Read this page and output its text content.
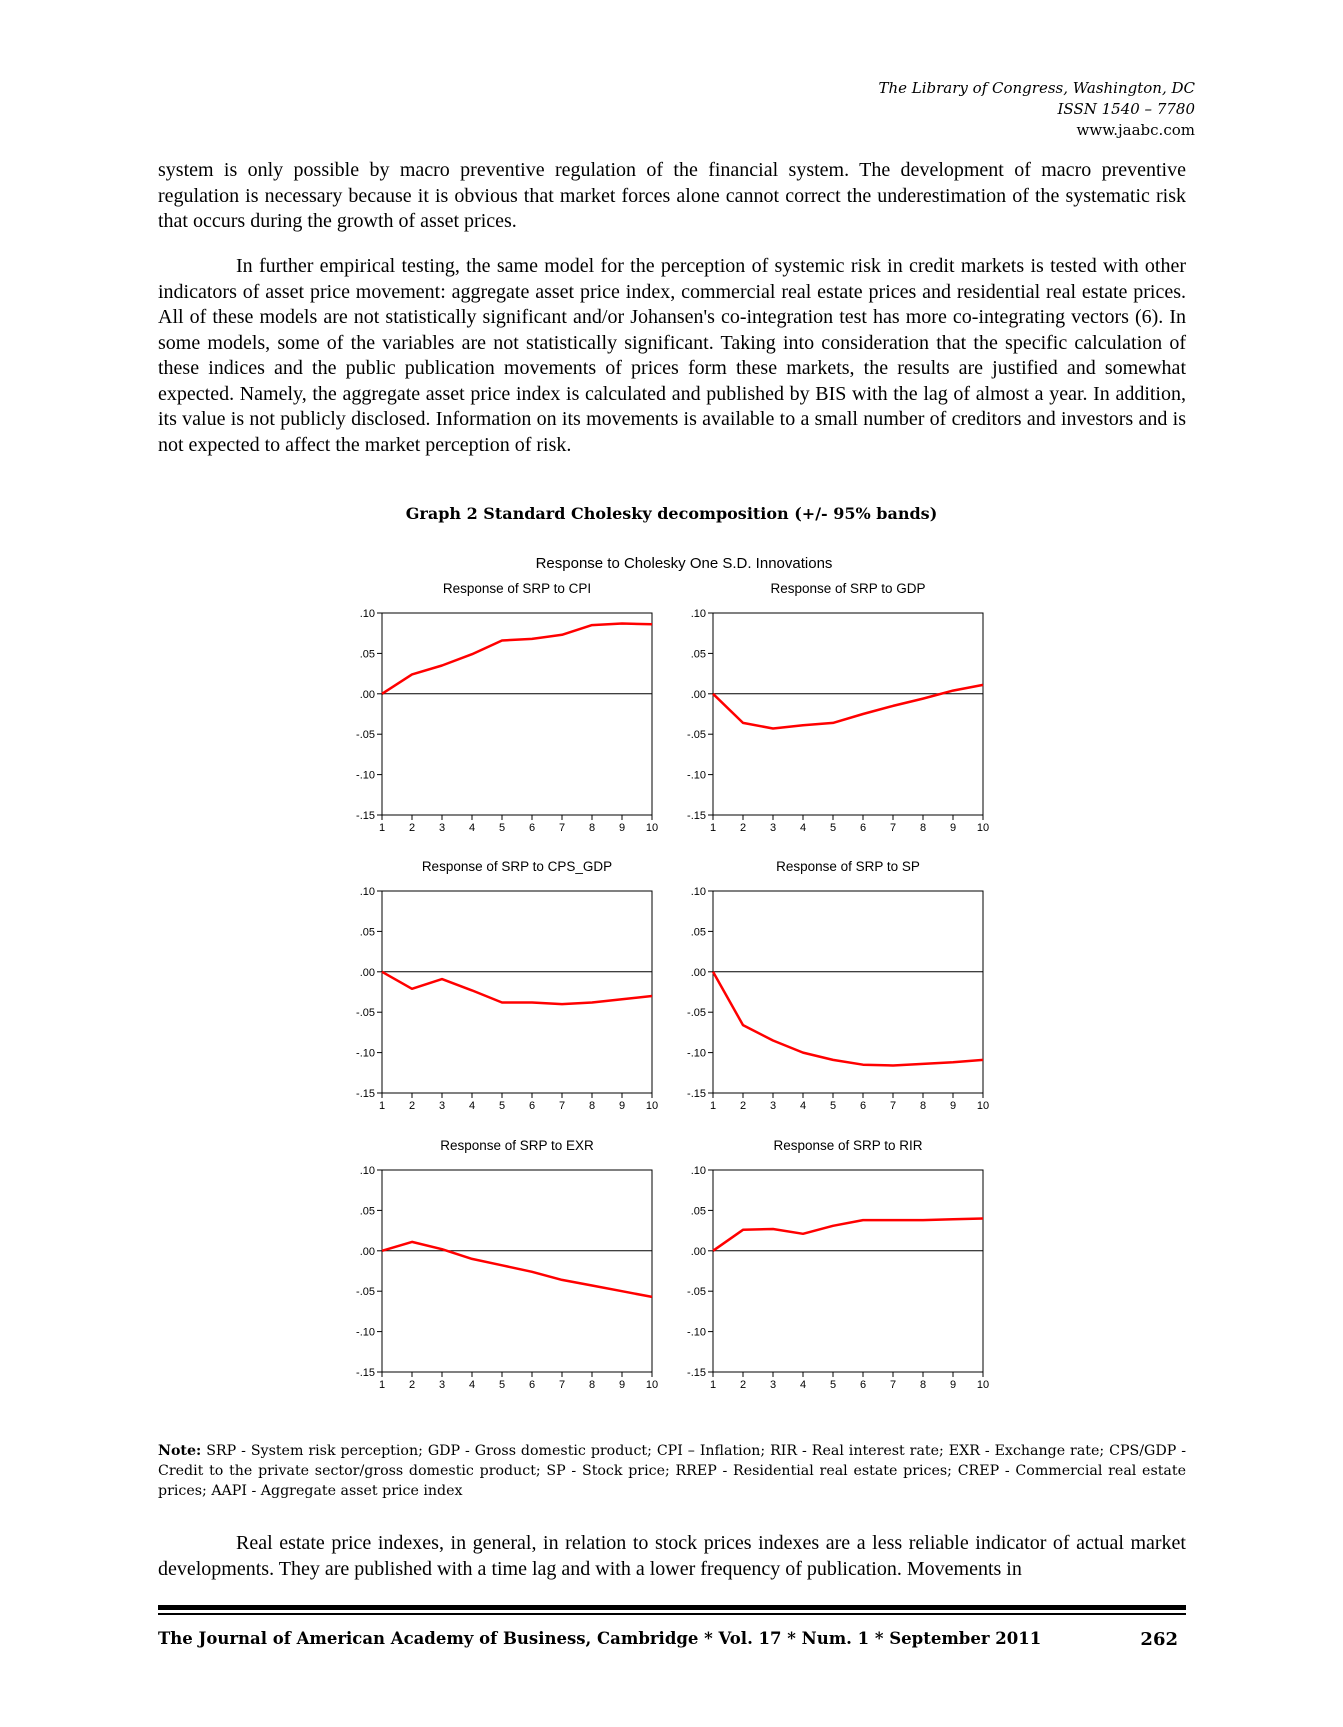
The Library of Congress, Washington, DC
ISSN 1540 – 7780
www.jaabc.com

system is only possible by macro preventive regulation of the financial system. The development of macro preventive regulation is necessary because it is obvious that market forces alone cannot correct the underestimation of the systematic risk that occurs during the growth of asset prices.

In further empirical testing, the same model for the perception of systemic risk in credit markets is tested with other indicators of asset price movement: aggregate asset price index, commercial real estate prices and residential real estate prices. All of these models are not statistically significant and/or Johansen's co-integration test has more co-integrating vectors (6). In some models, some of the variables are not statistically significant. Taking into consideration that the specific calculation of these indices and the public publication movements of prices form these markets, the results are justified and somewhat expected. Namely, the aggregate asset price index is calculated and published by BIS with the lag of almost a year. In addition, its value is not publicly disclosed. Information on its movements is available to a small number of creditors and investors and is not expected to affect the market perception of risk.

Graph 2 Standard Cholesky decomposition (+/- 95% bands)
Response to Cholesky One S.D. Innovations
Response of SRP to CPI
.10
.05
.00
-.05
-.10
-.15
1 2 3 4 5 6 7 8 9 10
Response of SRP to GDP
.10
.05
.00
-.05
-.10
-.15
1 2 3 4 5 6 7 8 9 10
Response of SRP to CPS_GDP
.10
.05
.00
-.05
-.10
-.15
1 2 3 4 5 6 7 8 9 10
Response of SRP to SP
.10
.05
.00
-.05
-.10
-.15
1 2 3 4 5 6 7 8 9 10
Response of SRP to EXR
.10
.05
.00
-.05
-.10
-.15
1 2 3 4 5 6 7 8 9 10
Response of SRP to RIR
.10
.05
.00
-.05
-.10
-.15
1 2 3 4 5 6 7 8 9 10

Note: SRP - System risk perception; GDP - Gross domestic product; CPI – Inflation; RIR - Real interest rate; EXR - Exchange rate; CPS/GDP - Credit to the private sector/gross domestic product; SP - Stock price; RREP - Residential real estate prices; CREP - Commercial real estate prices; AAPI - Aggregate asset price index

Real estate price indexes, in general, in relation to stock prices indexes are a less reliable indicator of actual market developments. They are published with a time lag and with a lower frequency of publication. Movements in

The Journal of American Academy of Business, Cambridge * Vol. 17 * Num. 1 * September 2011	262
